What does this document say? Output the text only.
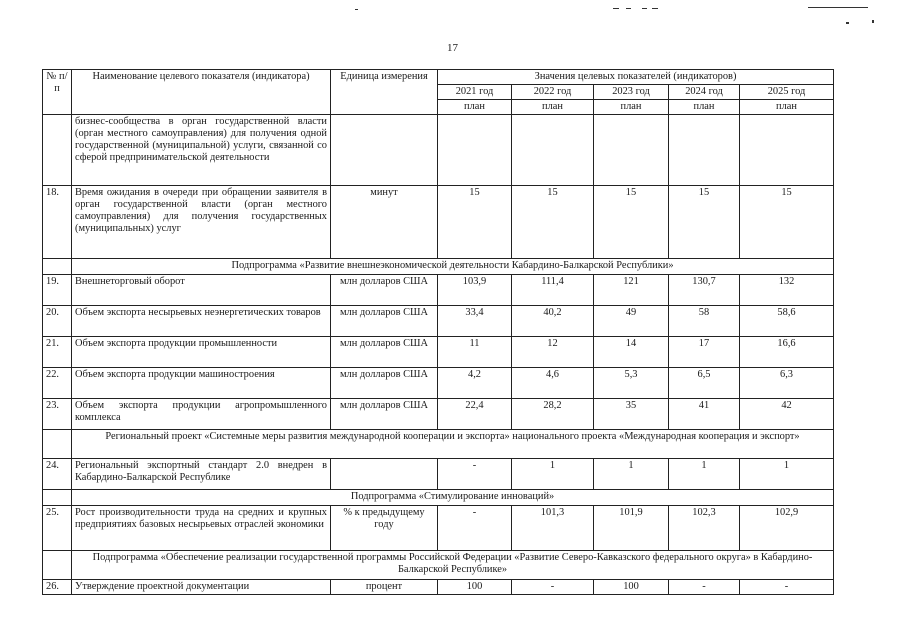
17
№ п/п	Наименование целевого показателя (индикатора)	Единица измерения	Значения целевых показателей (индикаторов)				
			2021 год	2022 год	2023 год	2024 год	2025 год
			план	план	план	план	план
	бизнес-сообщества в орган государственной власти (орган местного самоуправления) для получения одной государственной (муниципальной) услуги, связанной со сферой предпринимательской деятельности						
18.	Время ожидания в очереди при обращении заявителя в орган государственной власти (орган местного самоуправления) для получения государственных (муниципальных) услуг	минут	15	15	15	15	15
	Подпрограмма «Развитие внешнеэкономической деятельности Кабардино-Балкарской Республики»						
19.	Внешнеторговый оборот	млн долларов США	103,9	111,4	121	130,7	132
20.	Объем экспорта несырьевых неэнергетических товаров	млн долларов США	33,4	40,2	49	58	58,6
21.	Объем экспорта продукции промышленности	млн долларов США	11	12	14	17	16,6
22.	Объем экспорта продукции машиностроения	млн долларов США	4,2	4,6	5,3	6,5	6,3
23.	Объем экспорта продукции агропромышленного комплекса	млн долларов США	22,4	28,2	35	41	42
	Региональный проект «Системные меры развития международной кооперации и экспорта» национального проекта «Международная кооперация и экспорт»						
24.	Региональный экспортный стандарт 2.0 внедрен в Кабардино-Балкарской Республике		-	1	1	1	1
	Подпрограмма «Стимулирование инноваций»						
25.	Рост производительности труда на средних и крупных предприятиях базовых несырьевых отраслей экономики	% к предыдущему году	-	101,3	101,9	102,3	102,9
	Подпрограмма «Обеспечение реализации государственной программы Российской Федерации «Развитие Северо-Кавказского федерального округа» в Кабардино-Балкарской Республике»						
26.	Утверждение проектной документации	процент	100	-	100	-	-
